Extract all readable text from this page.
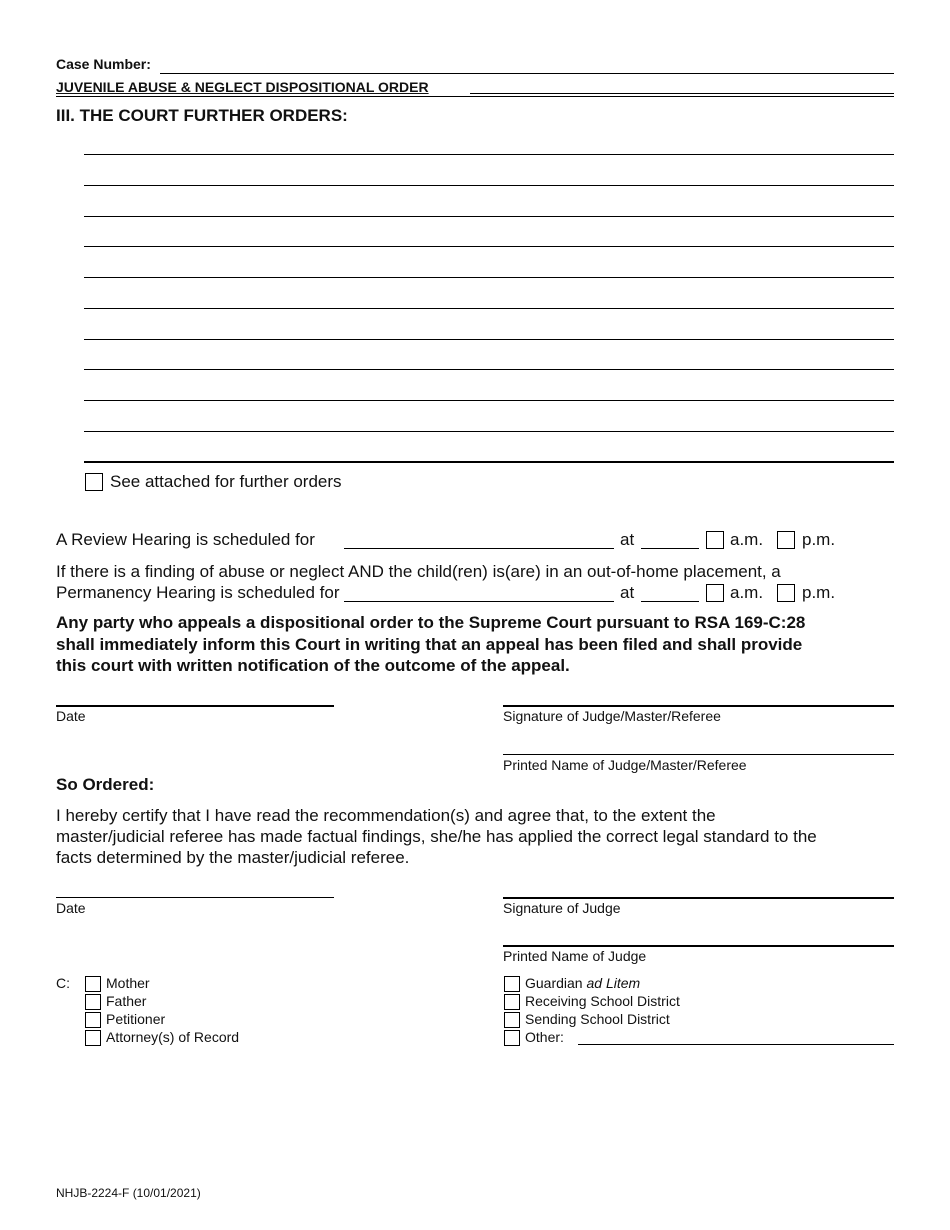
Case Number:
JUVENILE ABUSE & NEGLECT DISPOSITIONAL ORDER
III. THE COURT FURTHER ORDERS:
See attached for further orders
A Review Hearing is scheduled for	at	a.m. p.m.
If there is a finding of abuse or neglect AND the child(ren) is(are) in an out-of-home placement, a
Permanency Hearing is scheduled for	at	a.m. p.m.
Any party who appeals a dispositional order to the Supreme Court pursuant to RSA 169-C:28
shall immediately inform this Court in writing that an appeal has been filed and shall provide
this court with written notification of the outcome of the appeal.
Date	Signature of Judge/Master/Referee
Printed Name of Judge/Master/Referee
So Ordered:
I hereby certify that I have read the recommendation(s) and agree that, to the extent the
master/judicial referee has made factual findings, she/he has applied the correct legal standard to the
facts determined by the master/judicial referee.
Date	Signature of Judge
Printed Name of Judge
C:	Mother
Father
Petitioner
Attorney(s) of Record
Guardian ad Litem
Receiving School District
Sending School District
Other:
NHJB-2224-F (10/01/2021)
